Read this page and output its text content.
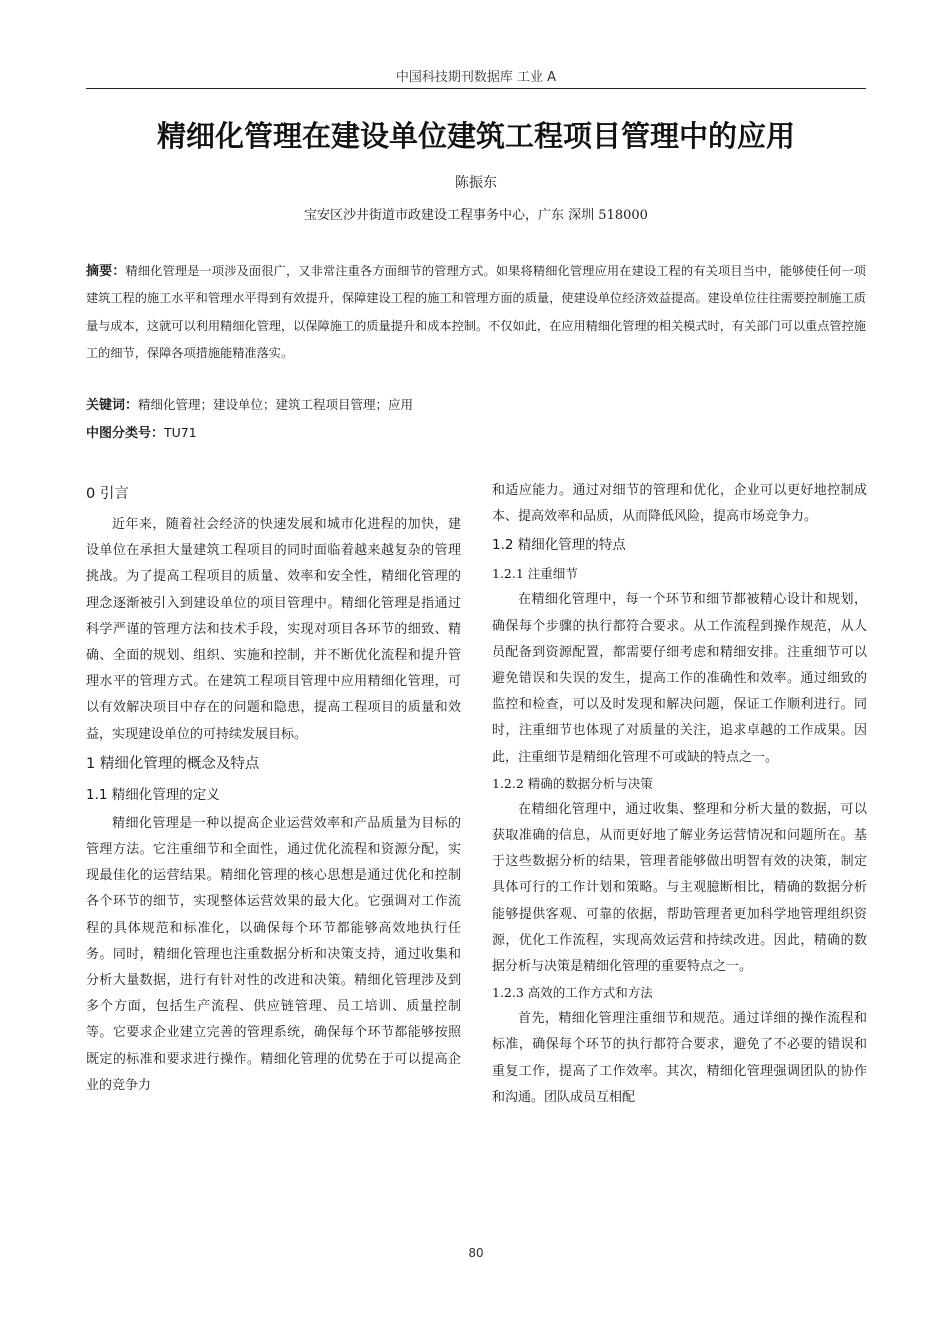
中国科技期刊数据库 工业 A
精细化管理在建设单位建筑工程项目管理中的应用
陈振东
宝安区沙井街道市政建设工程事务中心，广东 深圳 518000
摘要：精细化管理是一项涉及面很广，又非常注重各方面细节的管理方式。如果将精细化管理应用在建设工程的有关项目当中，能够使任何一项建筑工程的施工水平和管理水平得到有效提升，保障建设工程的施工和管理方面的质量，使建设单位经济效益提高。建设单位往往需要控制施工质量与成本，这就可以利用精细化管理，以保障施工的质量提升和成本控制。不仅如此，在应用精细化管理的相关模式时，有关部门可以重点管控施工的细节，保障各项措施能精准落实。
关键词：精细化管理；建设单位；建筑工程项目管理；应用
中图分类号：TU71
0 引言

近年来，随着社会经济的快速发展和城市化进程的加快，建设单位在承担大量建筑工程项目的同时面临着越来越复杂的管理挑战。为了提高工程项目的质量、效率和安全性，精细化管理的理念逐渐被引入到建设单位的项目管理中。精细化管理是指通过科学严谨的管理方法和技术手段，实现对项目各环节的细致、精确、全面的规划、组织、实施和控制，并不断优化流程和提升管理水平的管理方式。在建筑工程项目管理中应用精细化管理，可以有效解决项目中存在的问题和隐患，提高工程项目的质量和效益，实现建设单位的可持续发展目标。

1 精细化管理的概念及特点
1.1 精细化管理的定义

精细化管理是一种以提高企业运营效率和产品质量为目标的管理方法。它注重细节和全面性，通过优化流程和资源分配，实现最佳化的运营结果。精细化管理的核心思想是通过优化和控制各个环节的细节，实现整体运营效果的最大化。它强调对工作流程的具体规范和标准化，以确保每个环节都能够高效地执行任务。同时，精细化管理也注重数据分析和决策支持，通过收集和分析大量数据，进行有针对性的改进和决策。精细化管理涉及到多个方面，包括生产流程、供应链管理、员工培训、质量控制等。它要求企业建立完善的管理系统，确保每个环节都能够按照既定的标准和要求进行操作。精细化管理的优势在于可以提高企业的竞争力

和适应能力。通过对细节的管理和优化，企业可以更好地控制成本、提高效率和品质，从而降低风险，提高市场竞争力。

1.2 精细化管理的特点
1.2.1 注重细节

在精细化管理中，每一个环节和细节都被精心设计和规划，确保每个步骤的执行都符合要求。从工作流程到操作规范，从人员配备到资源配置，都需要仔细考虑和精细安排。注重细节可以避免错误和失误的发生，提高工作的准确性和效率。通过细致的监控和检查，可以及时发现和解决问题，保证工作顺利进行。同时，注重细节也体现了对质量的关注，追求卓越的工作成果。因此，注重细节是精细化管理不可或缺的特点之一。

1.2.2 精确的数据分析与决策

在精细化管理中，通过收集、整理和分析大量的数据，可以获取准确的信息，从而更好地了解业务运营情况和问题所在。基于这些数据分析的结果，管理者能够做出明智有效的决策，制定具体可行的工作计划和策略。与主观臆断相比，精确的数据分析能够提供客观、可靠的依据，帮助管理者更加科学地管理组织资源，优化工作流程，实现高效运营和持续改进。因此，精确的数据分析与决策是精细化管理的重要特点之一。

1.2.3 高效的工作方式和方法

首先，精细化管理注重细节和规范。通过详细的操作流程和标准，确保每个环节的执行都符合要求，避免了不必要的错误和重复工作，提高了工作效率。其次，精细化管理强调团队的协作和沟通。团队成员互相配

80
